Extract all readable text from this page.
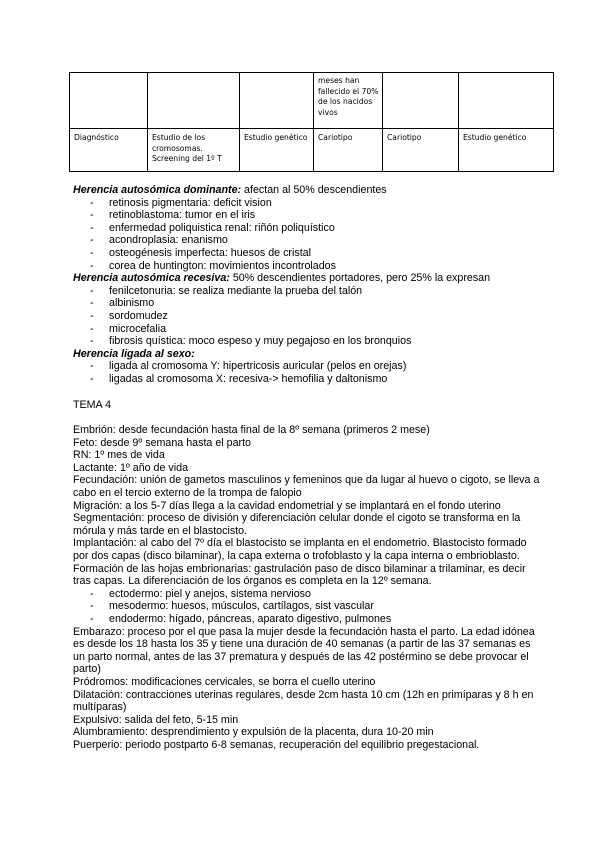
			meses han fallecido el 70% de los nacidos vivos		
Diagnóstico	Estudio de los cromosomas. Screening del 1º T	Estudio genético	Cariotipo	Cariotipo	Estudio genético

Herencia autosómica dominante: afectan al 50% descendientes

- retinosis pigmentaria: deficit vision
- retinoblastoma: tumor en el iris
- enfermedad poliquistica renal: riñón poliquístico
- acondroplasia: enanismo
- osteogénesis imperfecta: huesos de cristal
- corea de huntington: movimientos incontrolados

Herencia autosómica recesiva: 50% descendientes portadores, pero 25% la expresan

- fenilcetonuria: se realiza mediante la prueba del talón
- albinismo
- sordomudez
- microcefalia
- fibrosis quística: moco espeso y muy pegajoso en los bronquios

Herencia ligada al sexo:

- ligada al cromosoma Y: hipertricosis auricular (pelos en orejas)
- ligadas al cromosoma X: recesiva-> hemofilia y daltonismo

TEMA 4

Embrión: desde fecundación hasta final de la 8º semana (primeros 2 mese)

Feto: desde 9º semana hasta el parto

RN: 1º mes de vida

Lactante: 1º año de vida

Fecundación: unión de gametos masculinos y femeninos que da lugar al huevo o cigoto, se lleva a cabo en el tercio externo de la trompa de falopio

Migración: a los 5-7 días llega a la cavidad endometrial y se implantará en el fondo uterino

Segmentación: proceso de división y diferenciación celular donde el cigoto se transforma en la mórula y más tarde en el blastocisto.

Implantación: al cabo del 7º día el blastocisto se implanta en el endometrio. Blastocisto formado por dos capas (disco bilaminar), la capa externa o trofoblasto y la capa interna o embrioblasto.

Formación de las hojas embrionarias: gastrulación paso de disco bilaminar a trilaminar, es decir tras capas. La diferenciación de los órganos es completa en la 12º semana.

- ectodermo: piel y anejos, sistema nervioso
- mesodermo: huesos, músculos, cartílagos, sist vascular
- endodermo: hígado, páncreas, aparato digestivo, pulmones

Embarazo: proceso por el que pasa la mujer desde la fecundación hasta el parto. La edad idónea es desde los 18 hasta los 35 y tiene una duración de 40 semanas (a partir de las 37 semanas es un parto normal, antes de las 37 prematura y después de las 42 postérmino se debe provocar el parto)

Pródromos: modificaciones cervicales, se borra el cuello uterino

Dilatación: contracciones uterinas regulares, desde 2cm hasta 10 cm (12h en primíparas y 8 h en multíparas)

Expulsivo: salida del feto, 5-15 min

Alumbramiento: desprendimiento y expulsión de la placenta, dura 10-20 min

Puerperio: periodo postparto 6-8 semanas, recuperación del equilibrio pregestacional.
